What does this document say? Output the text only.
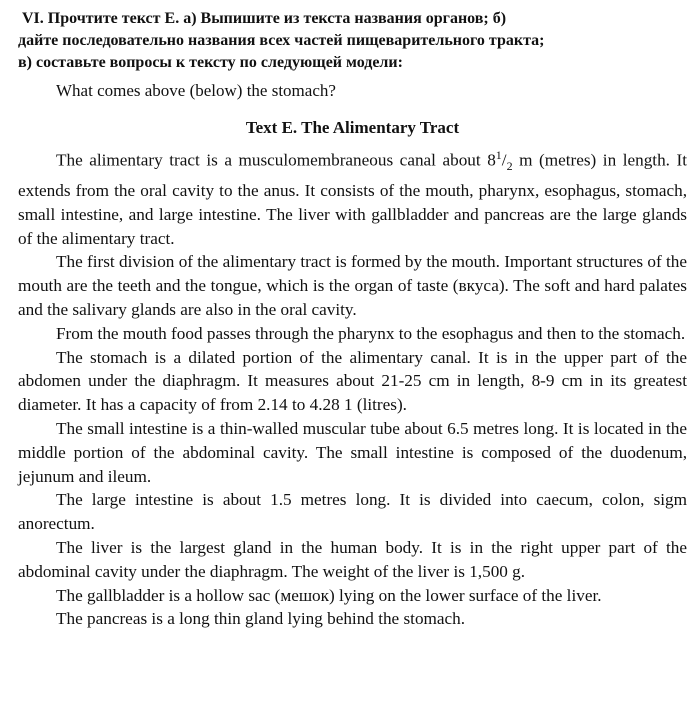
VI. Прочтите текст Е. а) Выпишите из текста названия органов; б)

дайте последовательно названия всех частей пищеварительного тракта;

в) составьте вопросы к тексту по следующей модели:

What comes above (below) the stomach?

Text E. The Alimentary Tract

The alimentary tract is a musculomembraneous canal about $8^1/_2$ m (metres) in length. It extends from the oral cavity to the anus. It consists of the mouth, pharynx, esophagus, stomach, small intestine, and large intestine. The liver with gallbladder and pancreas are the large glands of the alimentary tract.

The first division of the alimentary tract is formed by the mouth. Important structures of the mouth are the teeth and the tongue, which is the organ of taste (вкуса). The soft and hard palates and the salivary glands are also in the oral cavity.

From the mouth food passes through the pharynx to the esophagus and then to the stomach.

The stomach is a dilated portion of the alimentary canal. It is in the upper part of the abdomen under the diaphragm. It measures about 21-25 cm in length, 8-9 cm in its greatest diameter. It has a capacity of from 2.14 to 4.28 1 (litres).

The small intestine is a thin-walled muscular tube about 6.5 metres long. It is located in the middle portion of the abdominal cavity. The small intestine is composed of the duodenum, jejunum and ileum.

The large intestine is about 1.5 metres long. It is divided into caecum, colon, sigm anorectum.

The liver is the largest gland in the human body. It is in the right upper part of the abdominal cavity under the diaphragm. The weight of the liver is 1,500 g.

The gallbladder is a hollow sac (мешок) lying on the lower surface of the liver.

The pancreas is a long thin gland lying behind the stomach.
